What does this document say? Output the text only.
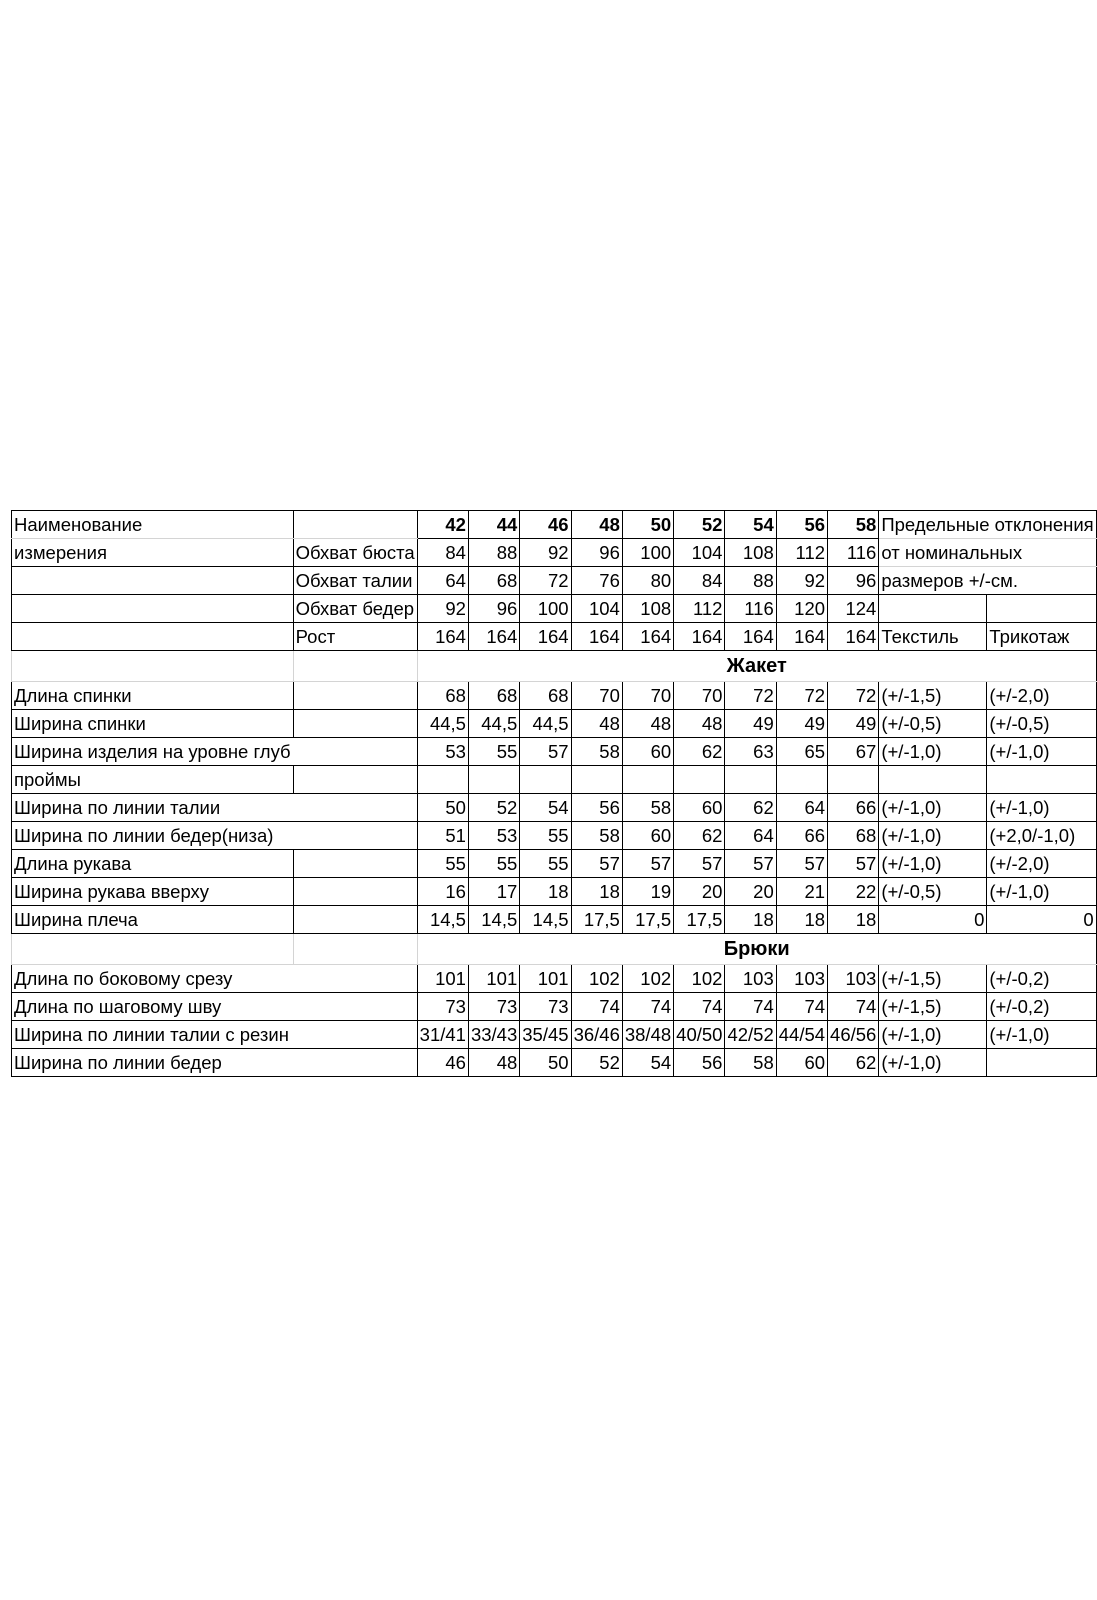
Наименование		42	44	46	48	50	52	54	56	58	Предельные отклонения	
измерения	Обхват бюста	84	88	92	96	100	104	108	112	116	от номинальных	
	Обхват талии	64	68	72	76	80	84	88	92	96	размеров +/-см.	
	Обхват бедер	92	96	100	104	108	112	116	120	124		
	Рост	164	164	164	164	164	164	164	164	164	Текстиль	Трикотаж
		Жакет										
Длина спинки		68	68	68	70	70	70	72	72	72	(+/-1,5)	(+/-2,0)
Ширина спинки		44,5	44,5	44,5	48	48	48	49	49	49	(+/-0,5)	(+/-0,5)
Ширина изделия на уровне глуб		53	55	57	58	60	62	63	65	67	(+/-1,0)	(+/-1,0)
проймы												
Ширина по линии талии		50	52	54	56	58	60	62	64	66	(+/-1,0)	(+/-1,0)
Ширина по линии бедер(низа)		51	53	55	58	60	62	64	66	68	(+/-1,0)	(+2,0/-1,0)
Длина рукава		55	55	55	57	57	57	57	57	57	(+/-1,0)	(+/-2,0)
Ширина рукава вверху		16	17	18	18	19	20	20	21	22	(+/-0,5)	(+/-1,0)
Ширина плеча		14,5	14,5	14,5	17,5	17,5	17,5	18	18	18	0	0
		Брюки										
Длина по боковому срезу		101	101	101	102	102	102	103	103	103	(+/-1,5)	(+/-0,2)
Длина по шаговому шву		73	73	73	74	74	74	74	74	74	(+/-1,5)	(+/-0,2)
Ширина по линии талии с резин		31/41	33/43	35/45	36/46	38/48	40/50	42/52	44/54	46/56	(+/-1,0)	(+/-1,0)
Ширина по линии бедер		46	48	50	52	54	56	58	60	62	(+/-1,0)	
